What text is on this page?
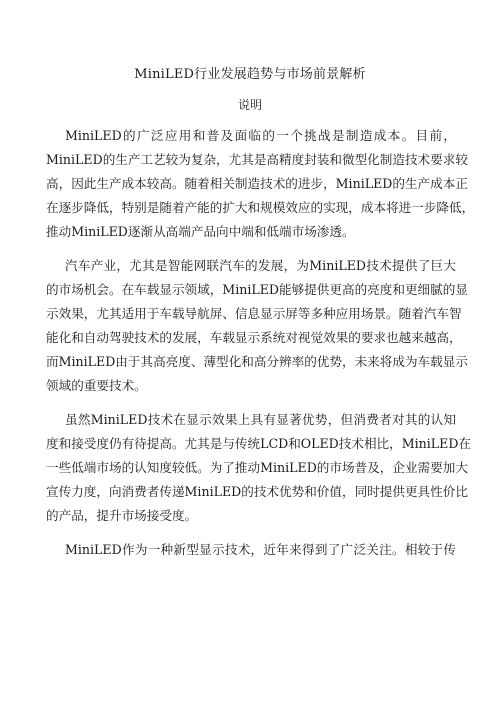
MiniLED行业发展趋势与市场前景解析
说明
MiniLED的广泛应用和普及面临的一个挑战是制造成本。目前，
MiniLED的生产工艺较为复杂，尤其是高精度封装和微型化制造技术要求较
高，因此生产成本较高。随着相关制造技术的进步，MiniLED的生产成本正
在逐步降低，特别是随着产能的扩大和规模效应的实现，成本将进一步降低，
推动MiniLED逐渐从高端产品向中端和低端市场渗透。
汽车产业，尤其是智能网联汽车的发展，为MiniLED技术提供了巨大
的市场机会。在车载显示领域，MiniLED能够提供更高的亮度和更细腻的显
示效果，尤其适用于车载导航屏、信息显示屏等多种应用场景。随着汽车智
能化和自动驾驶技术的发展，车载显示系统对视觉效果的要求也越来越高，
而MiniLED由于其高亮度、薄型化和高分辨率的优势，未来将成为车载显示
领域的重要技术。
虽然MiniLED技术在显示效果上具有显著优势，但消费者对其的认知
度和接受度仍有待提高。尤其是与传统LCD和OLED技术相比，MiniLED在
一些低端市场的认知度较低。为了推动MiniLED的市场普及，企业需要加大
宣传力度，向消费者传递MiniLED的技术优势和价值，同时提供更具性价比
的产品，提升市场接受度。
MiniLED作为一种新型显示技术，近年来得到了广泛关注。相较于传
